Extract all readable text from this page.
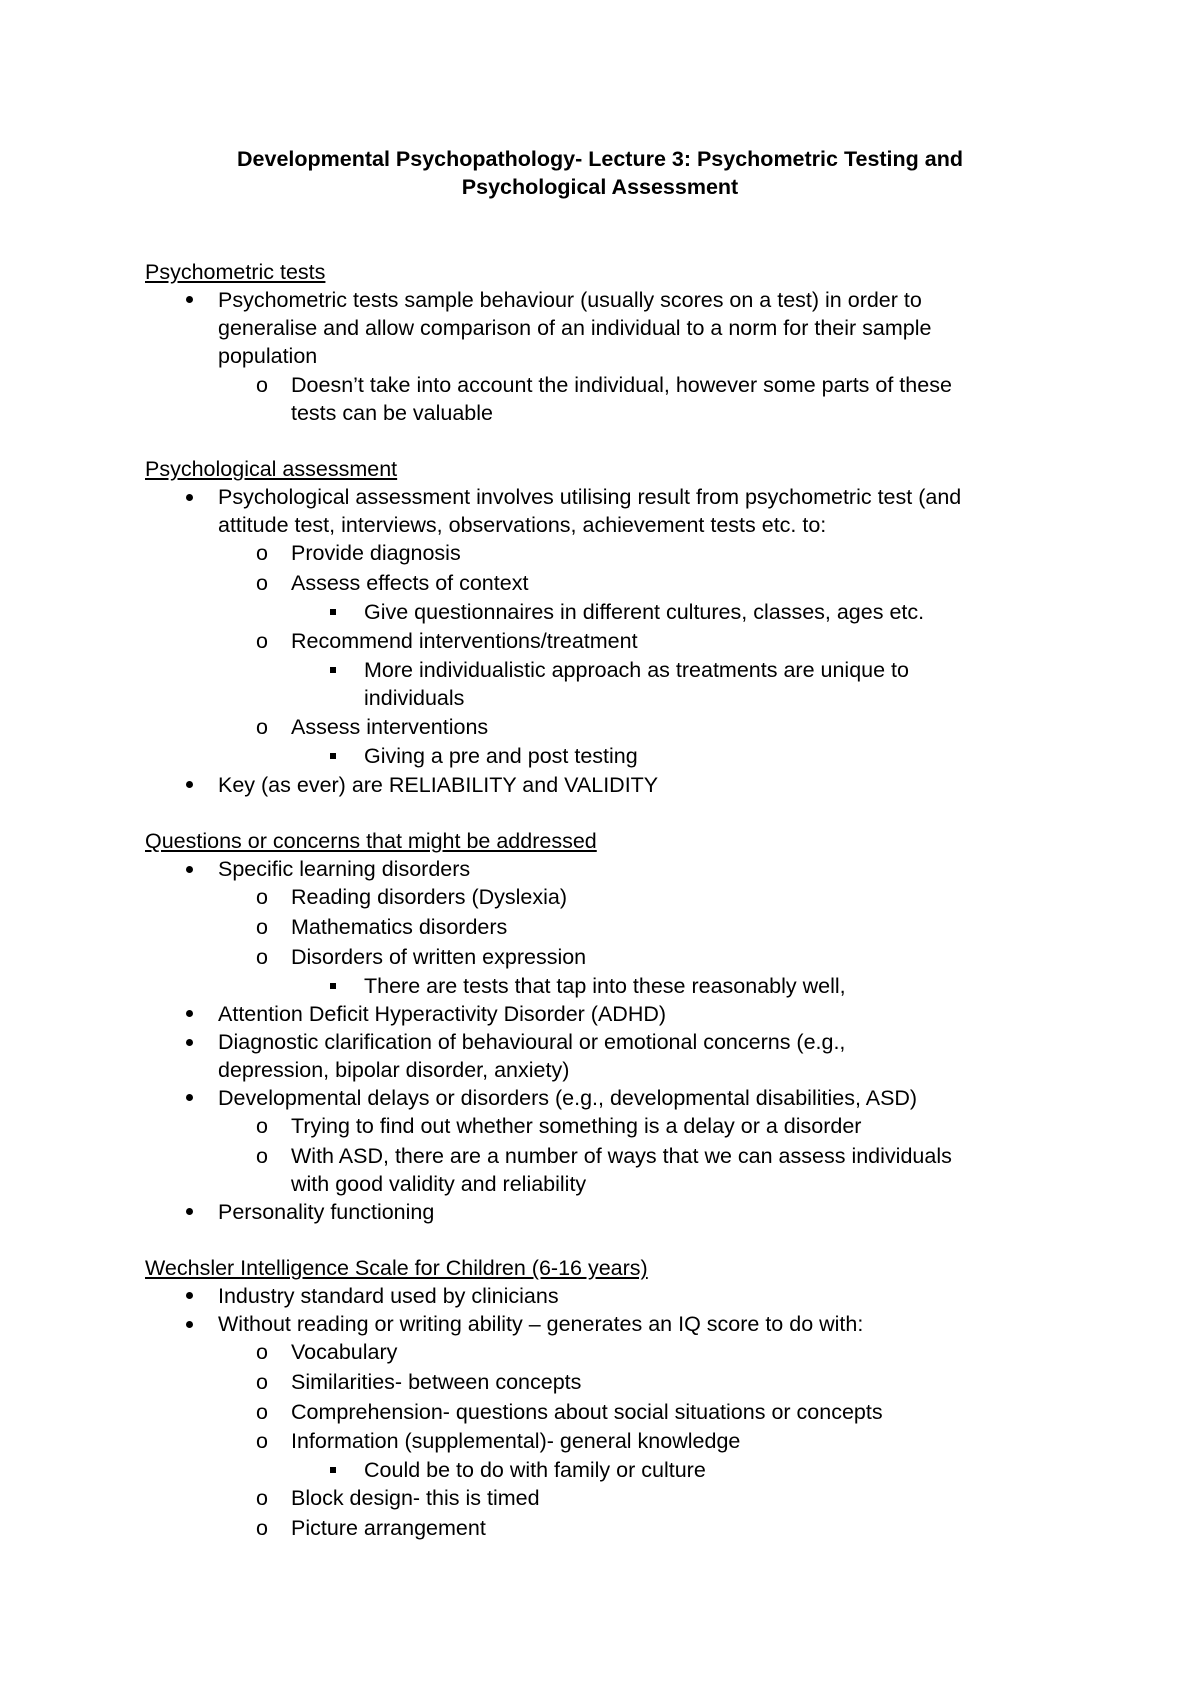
Developmental Psychopathology- Lecture 3: Psychometric Testing and
Psychological Assessment
Psychometric tests
Psychometric tests sample behaviour (usually scores on a test) in order to
generalise and allow comparison of an individual to a norm for their sample
population
o Doesn’t take into account the individual, however some parts of these
tests can be valuable
Psychological assessment
Psychological assessment involves utilising result from psychometric test (and
attitude test, interviews, observations, achievement tests etc. to:
o Provide diagnosis
o Assess effects of context
Give questionnaires in different cultures, classes, ages etc.
o Recommend interventions/treatment
More individualistic approach as treatments are unique to
individuals
o Assess interventions
Giving a pre and post testing
Key (as ever) are RELIABILITY and VALIDITY
Questions or concerns that might be addressed
Specific learning disorders
o Reading disorders (Dyslexia)
o Mathematics disorders
o Disorders of written expression
There are tests that tap into these reasonably well,
Attention Deficit Hyperactivity Disorder (ADHD)
Diagnostic clarification of behavioural or emotional concerns (e.g.,
depression, bipolar disorder, anxiety)
Developmental delays or disorders (e.g., developmental disabilities, ASD)
o Trying to find out whether something is a delay or a disorder
o With ASD, there are a number of ways that we can assess individuals
with good validity and reliability
Personality functioning
Wechsler Intelligence Scale for Children (6-16 years)
Industry standard used by clinicians
Without reading or writing ability – generates an IQ score to do with:
o Vocabulary
o Similarities- between concepts
o Comprehension- questions about social situations or concepts
o Information (supplemental)- general knowledge
Could be to do with family or culture
o Block design- this is timed
o Picture arrangement
